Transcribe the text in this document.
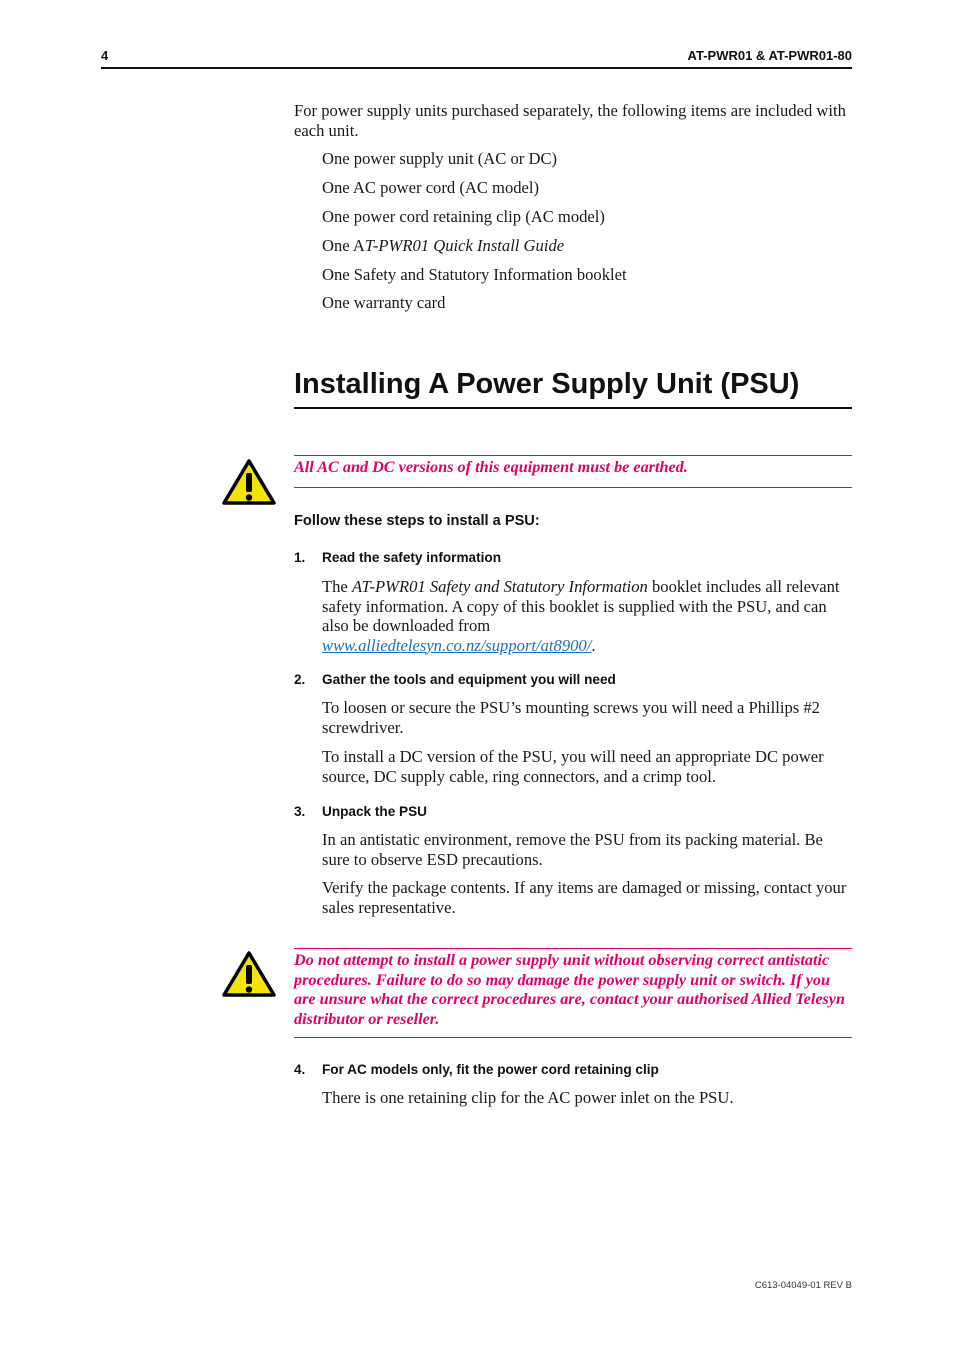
4	AT-PWR01 & AT-PWR01-80
For power supply units purchased separately, the following items are included with each unit.
One power supply unit (AC or DC)
One AC power cord (AC model)
One power cord retaining clip (AC model)
One AT-PWR01 Quick Install Guide
One Safety and Statutory Information booklet
One warranty card
Installing A Power Supply Unit (PSU)
All AC and DC versions of this equipment must be earthed.
Follow these steps to install a PSU:
1. Read the safety information
The AT-PWR01 Safety and Statutory Information booklet includes all relevant safety information. A copy of this booklet is supplied with the PSU, and can also be downloaded from
www.alliedtelesyn.co.nz/support/at8900/.
2. Gather the tools and equipment you will need
To loosen or secure the PSU’s mounting screws you will need a Phillips #2 screwdriver.
To install a DC version of the PSU, you will need an appropriate DC power source, DC supply cable, ring connectors, and a crimp tool.
3. Unpack the PSU
In an antistatic environment, remove the PSU from its packing material. Be sure to observe ESD precautions.
Verify the package contents. If any items are damaged or missing, contact your sales representative.
Do not attempt to install a power supply unit without observing correct antistatic procedures. Failure to do so may damage the power supply unit or switch. If you are unsure what the correct procedures are, contact your authorised Allied Telesyn distributor or reseller.
4. For AC models only, fit the power cord retaining clip
There is one retaining clip for the AC power inlet on the PSU.
C613-04049-01 REV B
